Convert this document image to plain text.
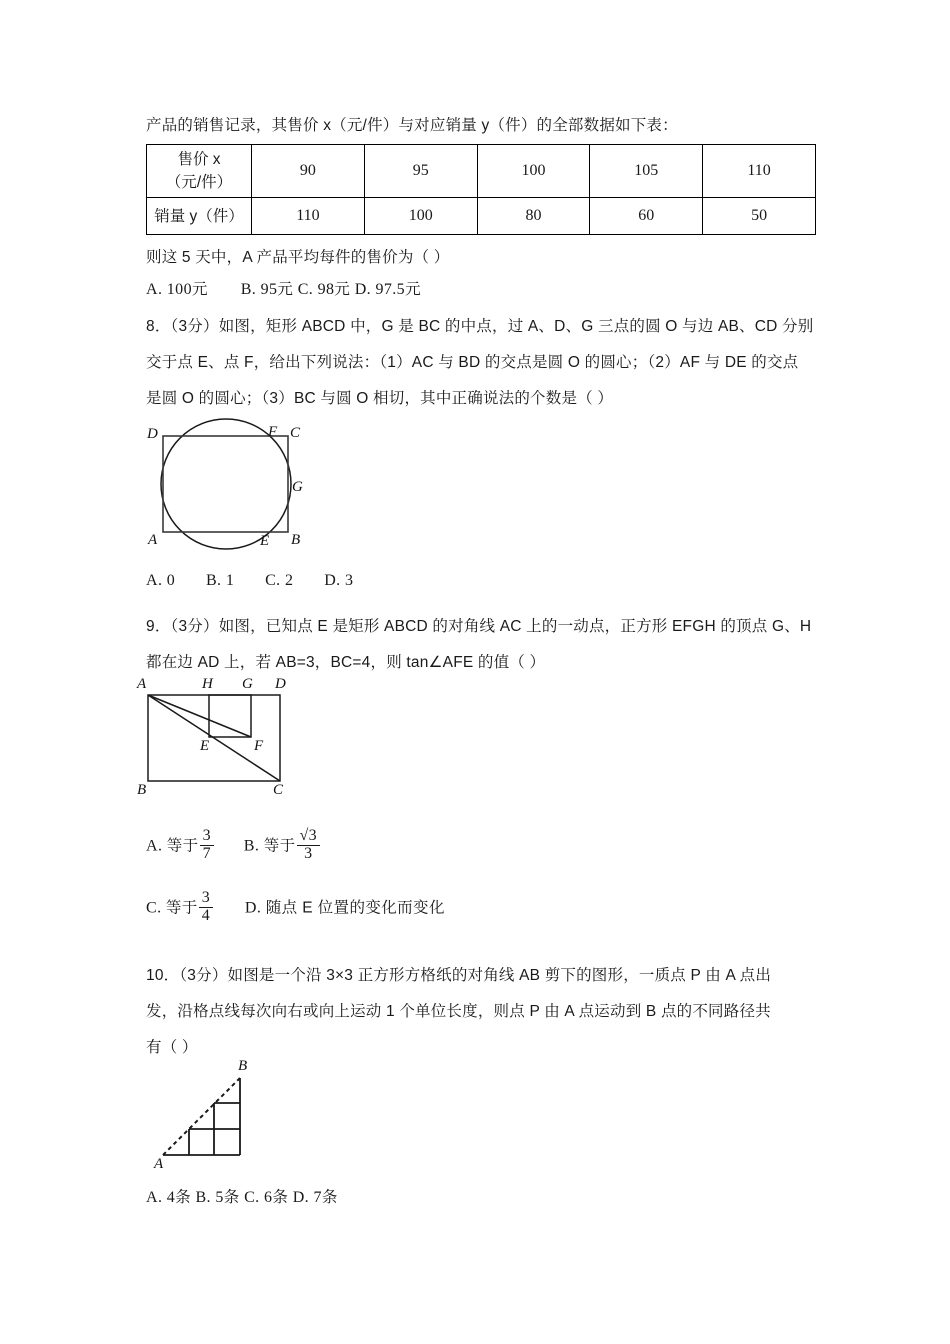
产品的销售记录，其售价 x（元/件）与对应销量 y（件）的全部数据如下表：
售价 x
（元/件）	90	95	100	105	110
销量 y（件）	110	100	80	60	50
则这 5 天中，A 产品平均每件的售价为（ ）
A. 100元 B. 95元 C. 98元 D. 97.5元
8．（3分）如图，矩形 ABCD 中，G 是 BC 的中点，过 A、D、G 三点的圆 O 与边 AB、CD 分别
交于点 E、点 F，给出下列说法：（1）AC 与 BD 的交点是圆 O 的圆心；（2）AF 与 DE 的交点
是圆 O 的圆心；（3）BC 与圆 O 相切，其中正确说法的个数是（ ）
D	F C
G
A	E B
A. 0 B. 1 C. 2 D. 3
9．（3分）如图，已知点 E 是矩形 ABCD 的对角线 AC 上的一动点，正方形 EFGH 的顶点 G、H
都在边 AD 上，若 AB=3，BC=4，则 tan∠AFE 的值（ ）
A	H G D
E	F
B	C
A. 等于 $\frac{3}{7} B$. 等于 $\frac{√3}{3}$
C. 等于 $\frac{3}{4} D$. 随点 E 位置的变化而变化
10．（3分）如图是一个沿 3×3 正方形方格纸的对角线 AB 剪下的图形，一质点 P 由 A 点出
发，沿格点线每次向右或向上运动 1 个单位长度，则点 P 由 A 点运动到 B 点的不同路径共
有（ ）
B
A
A. 4条 B. 5条 C. 6条 D. 7条
